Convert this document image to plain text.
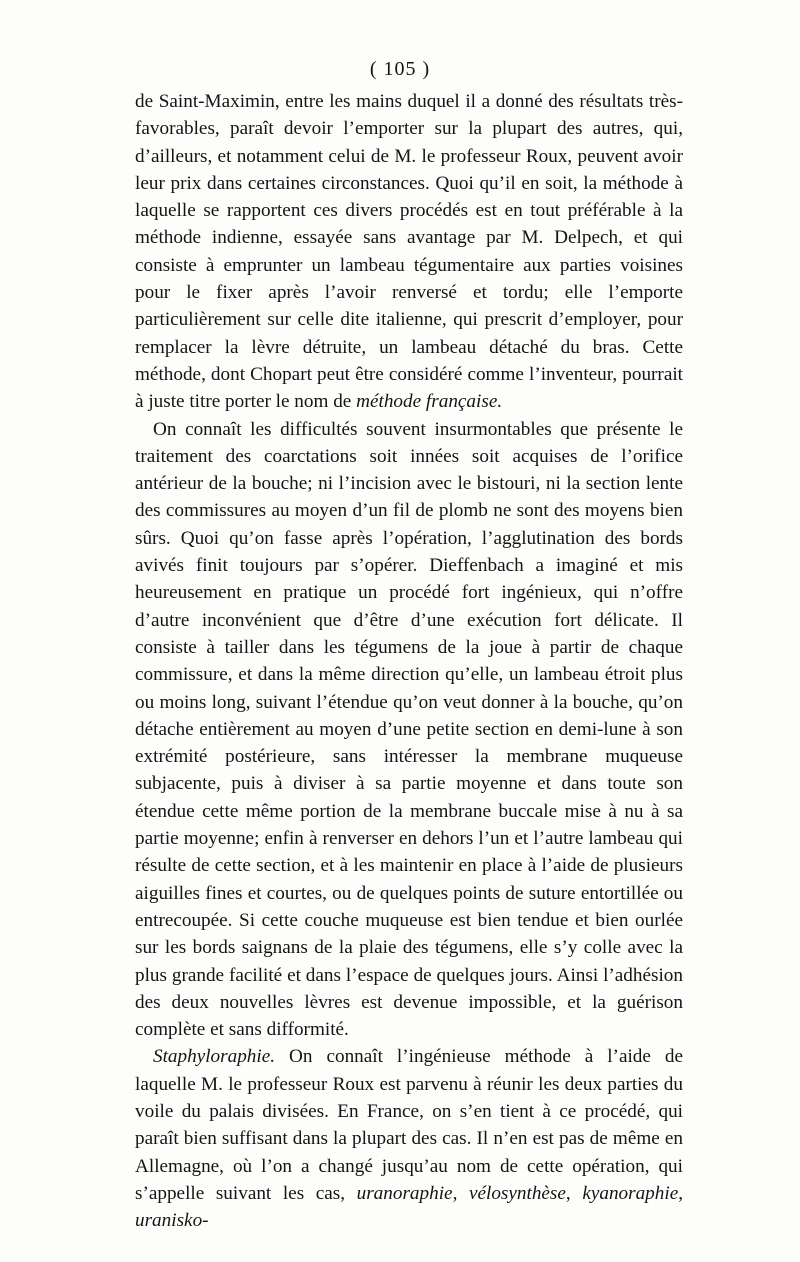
( 105 )

de Saint-Maximin, entre les mains duquel il a donné des résultats très-favorables, paraît devoir l’emporter sur la plupart des autres, qui, d’ailleurs, et notamment celui de M. le professeur Roux, peuvent avoir leur prix dans certaines circonstances. Quoi qu’il en soit, la méthode à laquelle se rapportent ces divers procédés est en tout préférable à la méthode indienne, essayée sans avantage par M. Delpech, et qui consiste à emprunter un lambeau tégumentaire aux parties voisines pour le fixer après l’avoir renversé et tordu; elle l’emporte particulièrement sur celle dite italienne, qui prescrit d’employer, pour remplacer la lèvre détruite, un lambeau détaché du bras. Cette méthode, dont Chopart peut être considéré comme l’inventeur, pourrait à juste titre porter le nom de méthode française.

On connaît les difficultés souvent insurmontables que présente le traitement des coarctations soit innées soit acquises de l’orifice antérieur de la bouche; ni l’incision avec le bistouri, ni la section lente des commissures au moyen d’un fil de plomb ne sont des moyens bien sûrs. Quoi qu’on fasse après l’opération, l’agglutination des bords avivés finit toujours par s’opérer. Dieffenbach a imaginé et mis heureusement en pratique un procédé fort ingénieux, qui n’offre d’autre inconvénient que d’être d’une exécution fort délicate. Il consiste à tailler dans les tégumens de la joue à partir de chaque commissure, et dans la même direction qu’elle, un lambeau étroit plus ou moins long, suivant l’étendue qu’on veut donner à la bouche, qu’on détache entièrement au moyen d’une petite section en demi-lune à son extrémité postérieure, sans intéresser la membrane muqueuse subjacente, puis à diviser à sa partie moyenne et dans toute son étendue cette même portion de la membrane buccale mise à nu à sa partie moyenne; enfin à renverser en dehors l’un et l’autre lambeau qui résulte de cette section, et à les maintenir en place à l’aide de plusieurs aiguilles fines et courtes, ou de quelques points de suture entortillée ou entrecoupée. Si cette couche muqueuse est bien tendue et bien ourlée sur les bords saignans de la plaie des tégumens, elle s’y colle avec la plus grande facilité et dans l’espace de quelques jours. Ainsi l’adhésion des deux nouvelles lèvres est devenue impossible, et la guérison complète et sans difformité.

Staphyloraphie. On connaît l’ingénieuse méthode à l’aide de laquelle M. le professeur Roux est parvenu à réunir les deux parties du voile du palais divisées. En France, on s’en tient à ce procédé, qui paraît bien suffisant dans la plupart des cas. Il n’en est pas de même en Allemagne, où l’on a changé jusqu’au nom de cette opération, qui s’appelle suivant les cas, uranoraphie, vélosynthèse, kyanoraphie, uranisko-
